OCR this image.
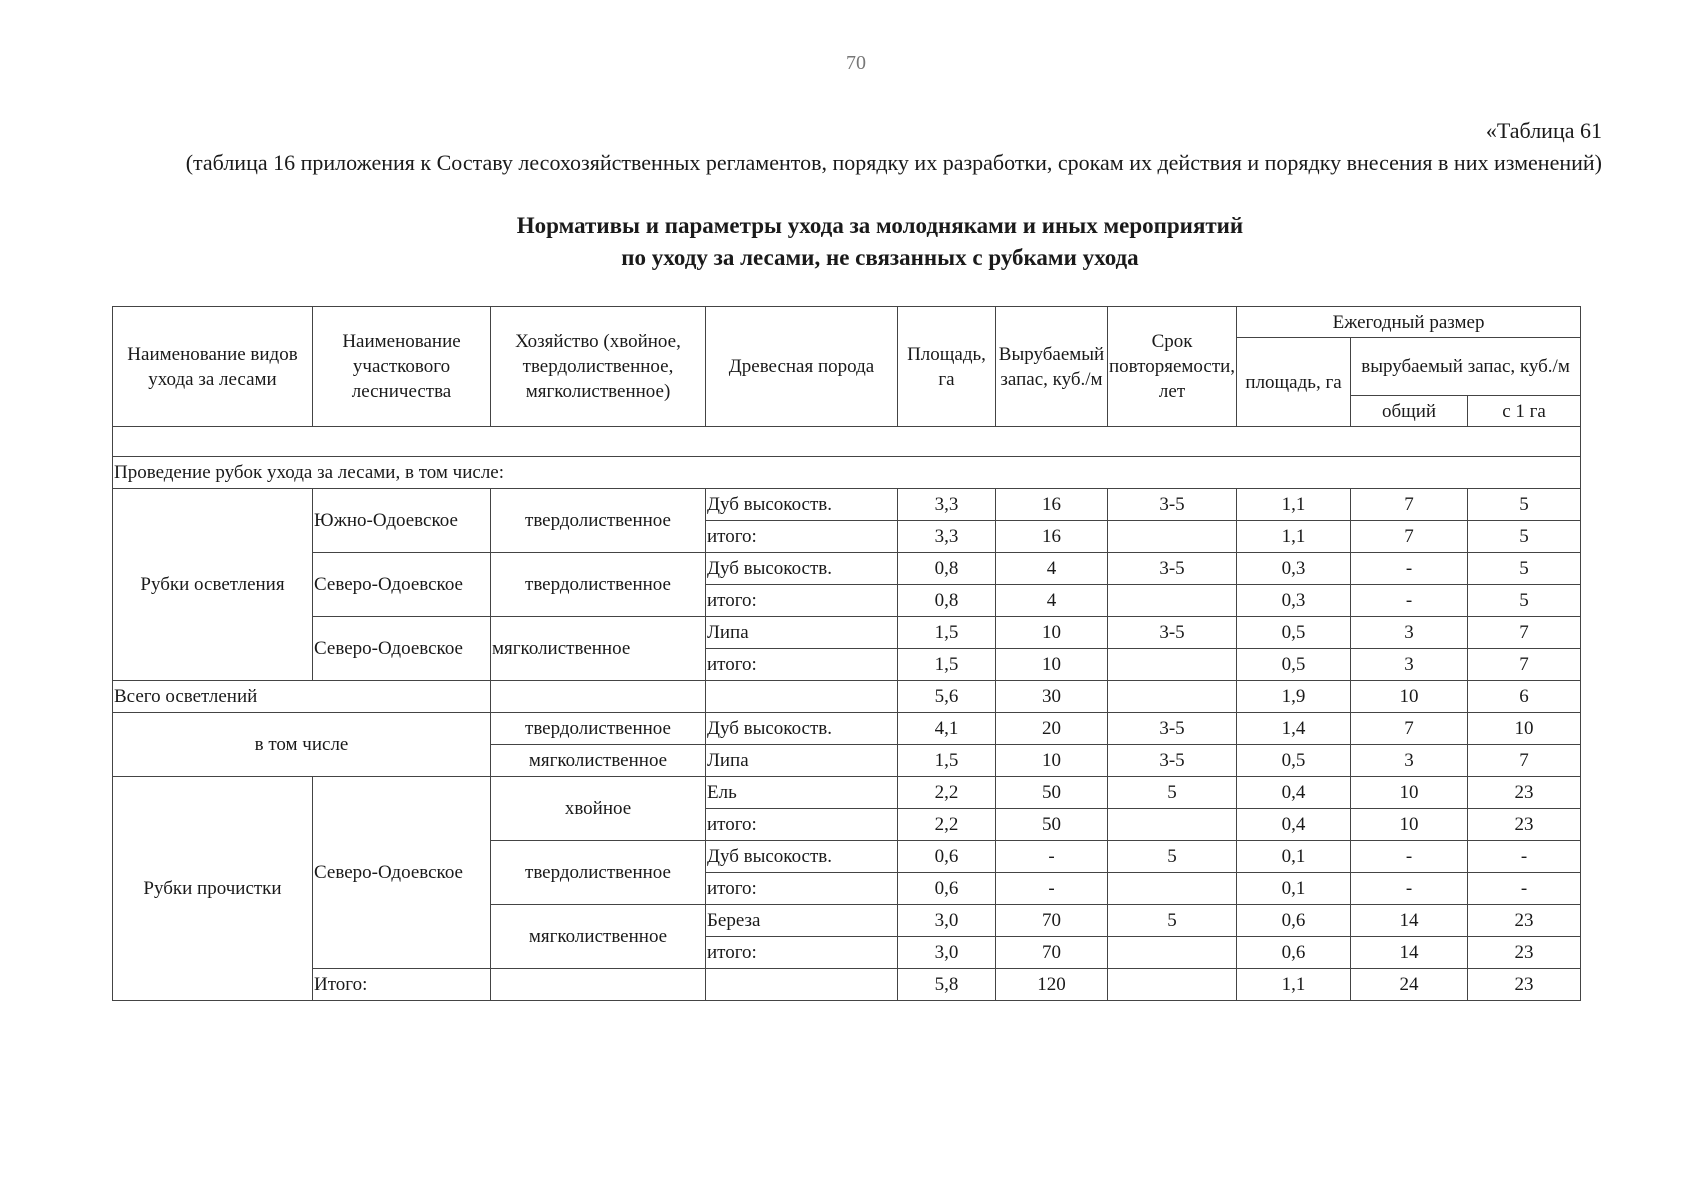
70
«Таблица 61
(таблица 16 приложения к Составу лесохозяйственных регламентов, порядку их разработки, срокам их действия и порядку внесения в них изменений)
Нормативы и параметры ухода за молодняками и иных мероприятий
по уходу за лесами, не связанных с рубками ухода
Наименование видов ухода за лесами	Наименование участкового лесничества	Хозяйство (хвойное, твердолиственное, мягколиственное)	Древесная порода	Площадь, га	Вырубаемый запас, куб./м	Срок повторяемости, лет	Ежегодный размер		
							площадь, га	вырубаемый запас, куб./м	
								общий	с 1 га

Проведение рубок ухода за лесами, в том числе:									
Рубки осветления	Южно-Одоевское	твердолиственное	Дуб высокоств.	3,3	16	3-5	1,1	7	5
			итого:	3,3	16		1,1	7	5
	Северо-Одоевское	твердолиственное	Дуб высокоств.	0,8	4	3-5	0,3	-	5
			итого:	0,8	4		0,3	-	5
	Северо-Одоевское	мягколиственное	Липа	1,5	10	3-5	0,5	3	7
			итого:	1,5	10		0,5	3	7
Всего осветлений				5,6	30		1,9	10	6
в том числе		твердолиственное	Дуб высокоств.	4,1	20	3-5	1,4	7	10
		мягколиственное	Липа	1,5	10	3-5	0,5	3	7
Рубки прочистки	Северо-Одоевское	хвойное	Ель	2,2	50	5	0,4	10	23
			итого:	2,2	50		0,4	10	23
		твердолиственное	Дуб высокоств.	0,6	-	5	0,1	-	-
			итого:	0,6	-		0,1	-	-
		мягколиственное	Береза	3,0	70	5	0,6	14	23
			итого:	3,0	70		0,6	14	23
	Итого:			5,8	120		1,1	24	23
